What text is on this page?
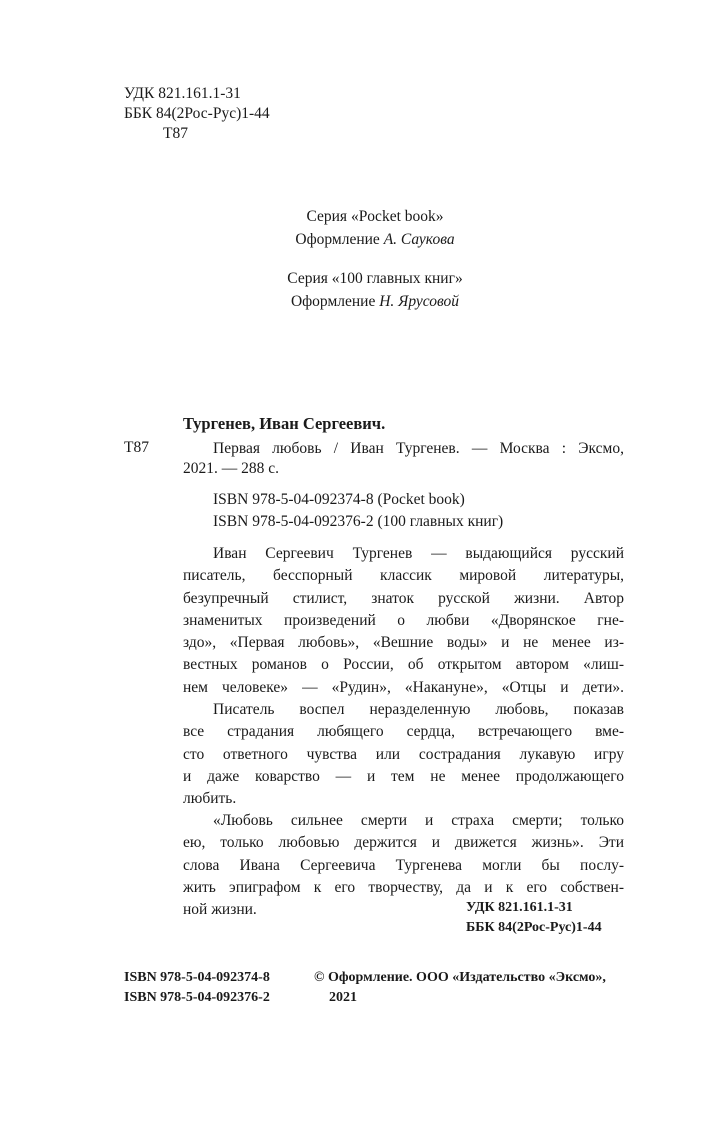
УДК 821.161.1-31
ББК 84(2Рос-Рус)1-44
Т87
Серия «Pocket book»
Оформление А. Саукова
Серия «100 главных книг»
Оформление Н. Ярусовой
Тургенев, Иван Сергеевич.
Т87	Первая любовь / Иван Тургенев. — Москва : Эксмо,
2021. — 288 с.
ISBN 978-5-04-092374-8 (Pocket book)
ISBN 978-5-04-092376-2 (100 главных книг)
Иван Сергеевич Тургенев — выдающийся русский
писатель, бесспорный классик мировой литературы,
безупречный стилист, знаток русской жизни. Автор
знаменитых произведений о любви «Дворянское гне-
здо», «Первая любовь», «Вешние воды» и не менее из-
вестных романов о России, об открытом автором «лиш-
нем человеке» — «Рудин», «Накануне», «Отцы и дети».
Писатель воспел неразделенную любовь, показав
все страдания любящего сердца, встречающего вме-
сто ответного чувства или сострадания лукавую игру
и даже коварство — и тем не менее продолжающего
любить.
«Любовь сильнее смерти и страха смерти; только
ею, только любовью держится и движется жизнь». Эти
слова Ивана Сергеевича Тургенева могли бы послу-
жить эпиграфом к его творчеству, да и к его собствен-
ной жизни.	УДК 821.161.1-31
ББК 84(2Рос-Рус)1-44
ISBN 978-5-04-092374-8
ISBN 978-5-04-092376-2
© Оформление. ООО «Издательство «Эксмо»,
2021
